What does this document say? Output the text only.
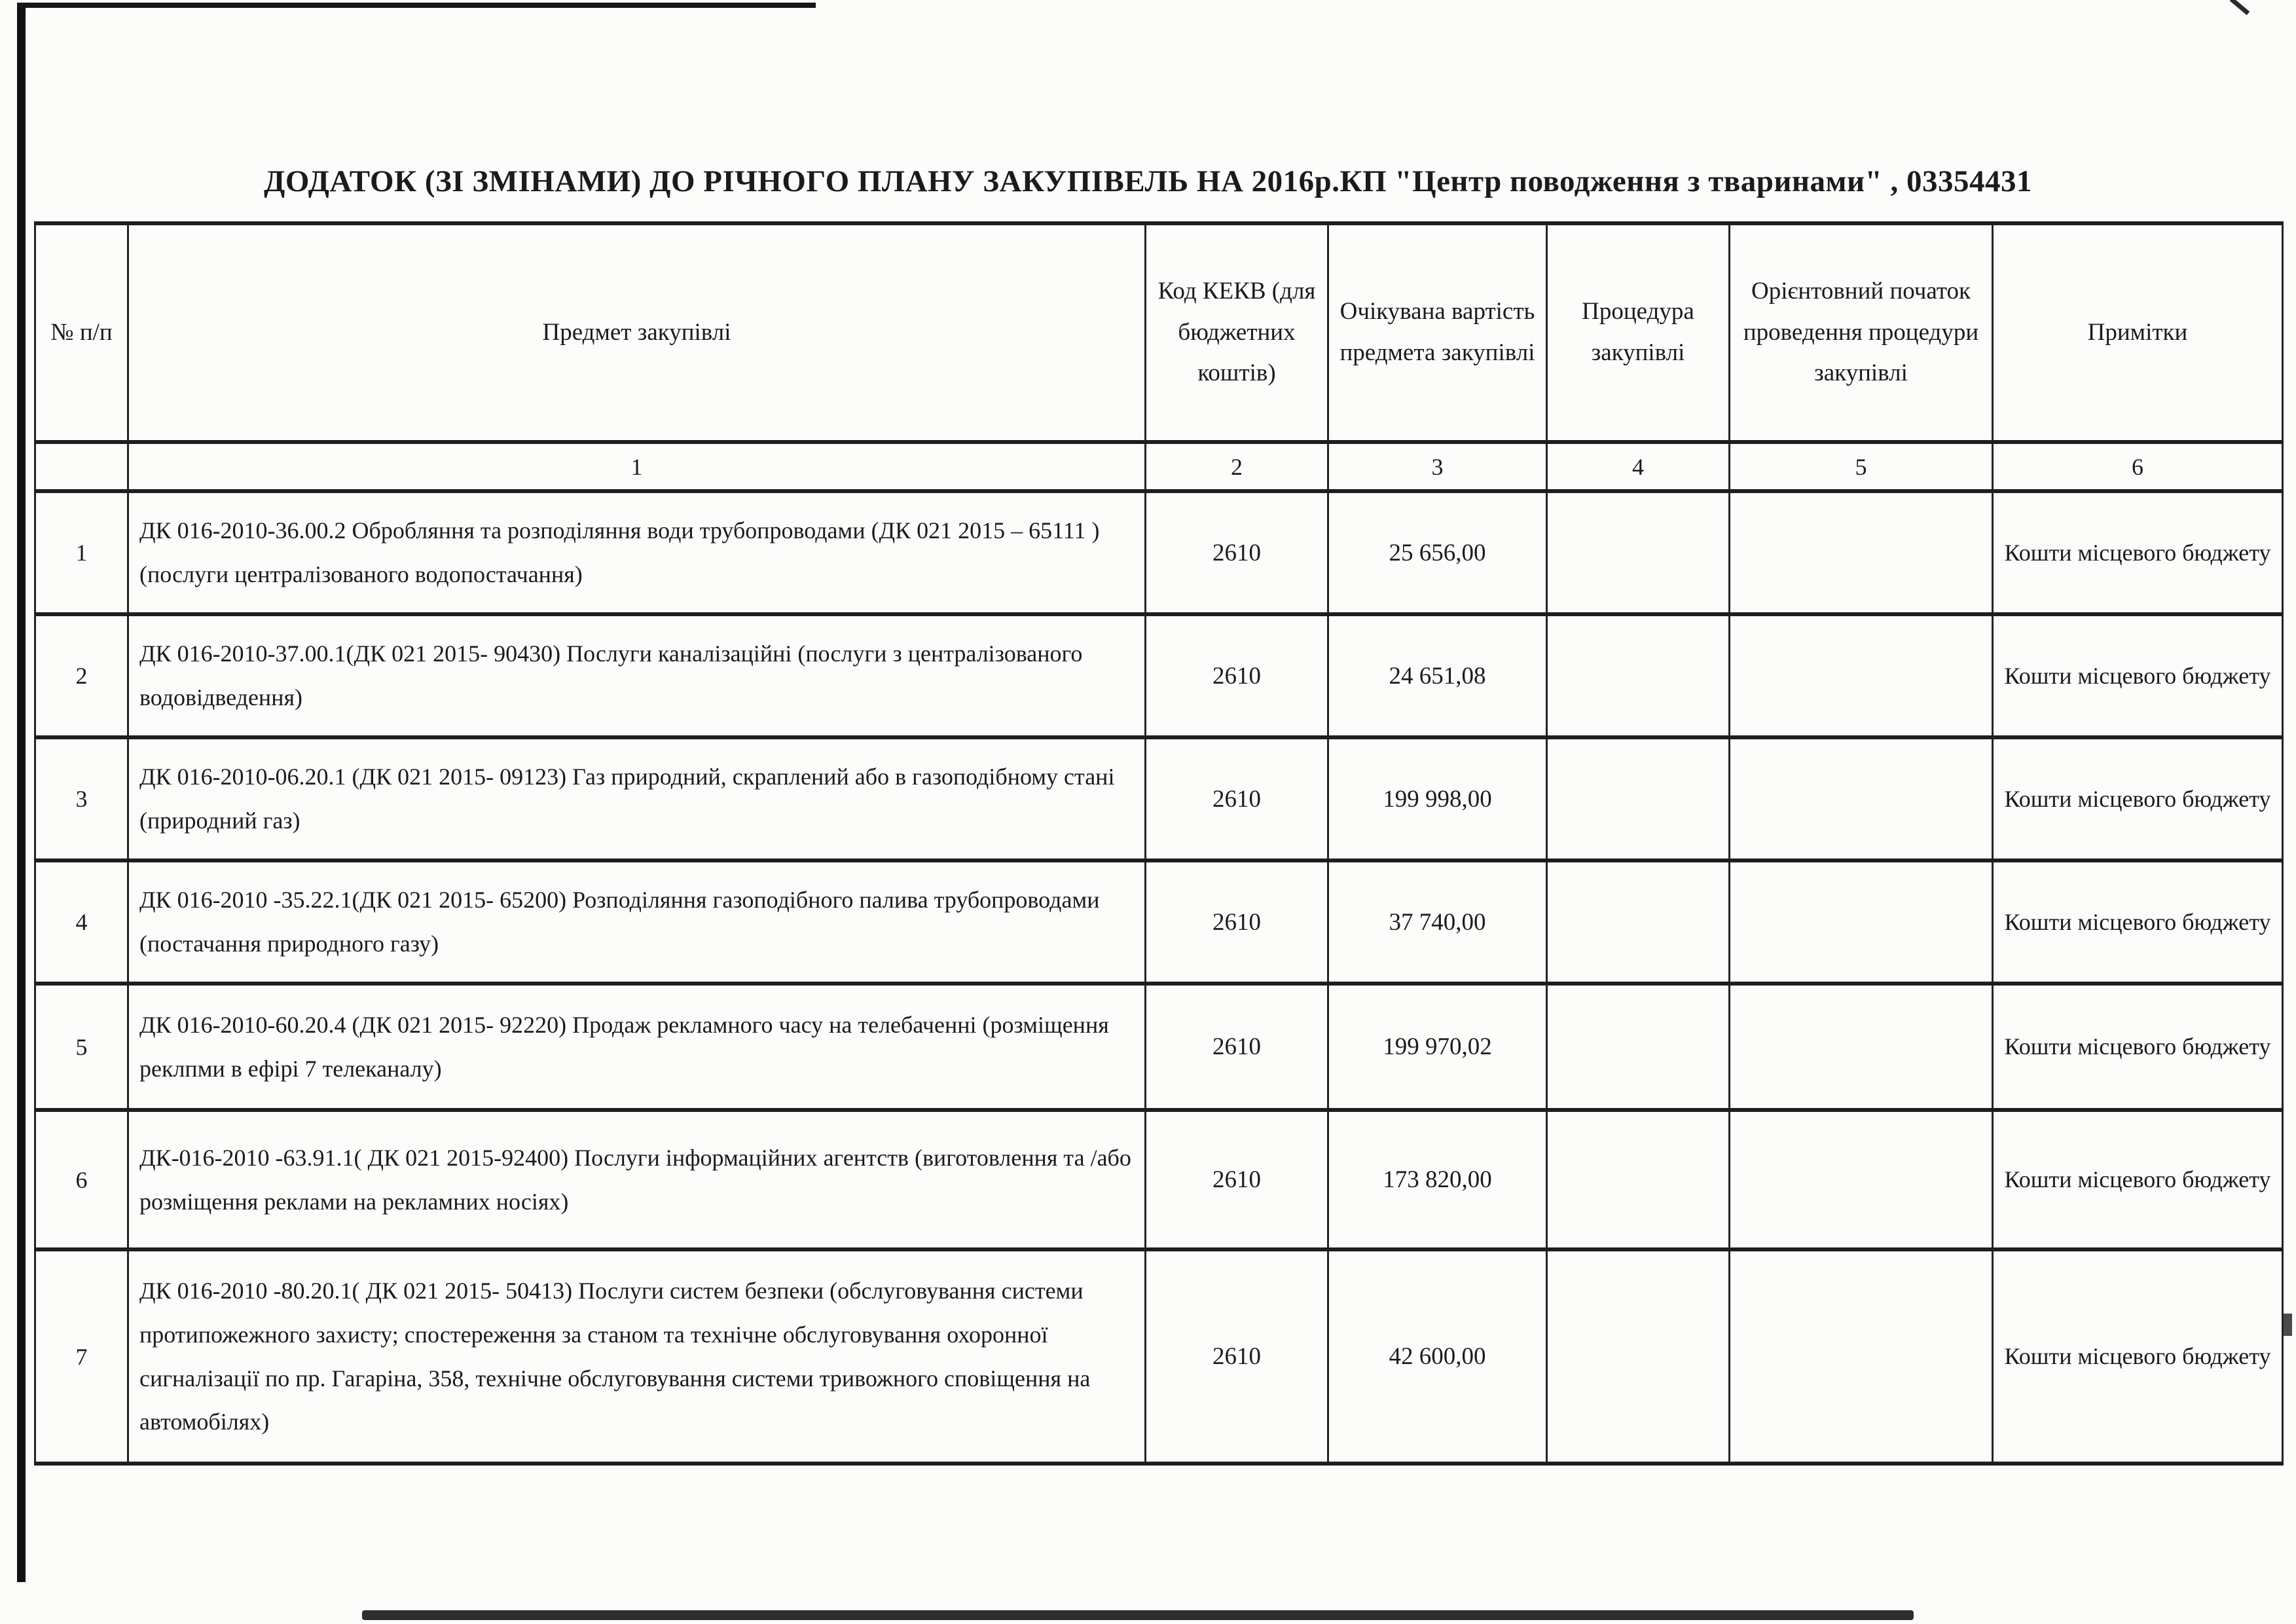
ДОДАТОК (ЗІ ЗМІНАМИ) ДО РІЧНОГО ПЛАНУ ЗАКУПІВЕЛЬ НА 2016р.КП "Центр поводження з тваринами" , 03354431
№ п/п	Предмет закупівлі	Код КЕКВ (для бюджетних коштів)	Очікувана вартість предмета закупівлі	Процедура закупівлі	Орієнтовний початок проведення процедури закупівлі	Примітки
	1	2	3	4	5	6
1	ДК 016-2010-36.00.2 Обробляння та розподіляння води трубопроводами (ДК 021 2015 – 65111 )(послуги централізованого водопостачання)	2610	25 656,00			Кошти місцевого бюджету
2	ДК 016-2010-37.00.1(ДК 021 2015- 90430) Послуги каналізаційні (послуги з централізованого водовідведення)	2610	24 651,08			Кошти місцевого бюджету
3	ДК 016-2010-06.20.1 (ДК 021 2015- 09123) Газ природний, скраплений або в газоподібному стані (природний газ)	2610	199 998,00			Кошти місцевого бюджету
4	ДК 016-2010 -35.22.1(ДК 021 2015- 65200) Розподіляння газоподібного палива трубопроводами (постачання природного газу)	2610	37 740,00			Кошти місцевого бюджету
5	ДК 016-2010-60.20.4 (ДК 021 2015- 92220) Продаж рекламного часу на телебаченні (розміщення реклпми в ефірі 7 телеканалу)	2610	199 970,02			Кошти місцевого бюджету
6	ДК-016-2010 -63.91.1( ДК 021 2015-92400) Послуги інформаційних агентств (виготовлення та /або розміщення реклами на рекламних носіях)	2610	173 820,00			Кошти місцевого бюджету
7	ДК 016-2010 -80.20.1( ДК 021 2015- 50413) Послуги систем безпеки (обслуговування системи протипожежного захисту; спостереження за станом та технічне обслуговування охоронної сигналізації по пр. Гагаріна, 358, технічне обслуговування системи тривожного сповіщення на автомобілях)	2610	42 600,00			Кошти місцевого бюджету
